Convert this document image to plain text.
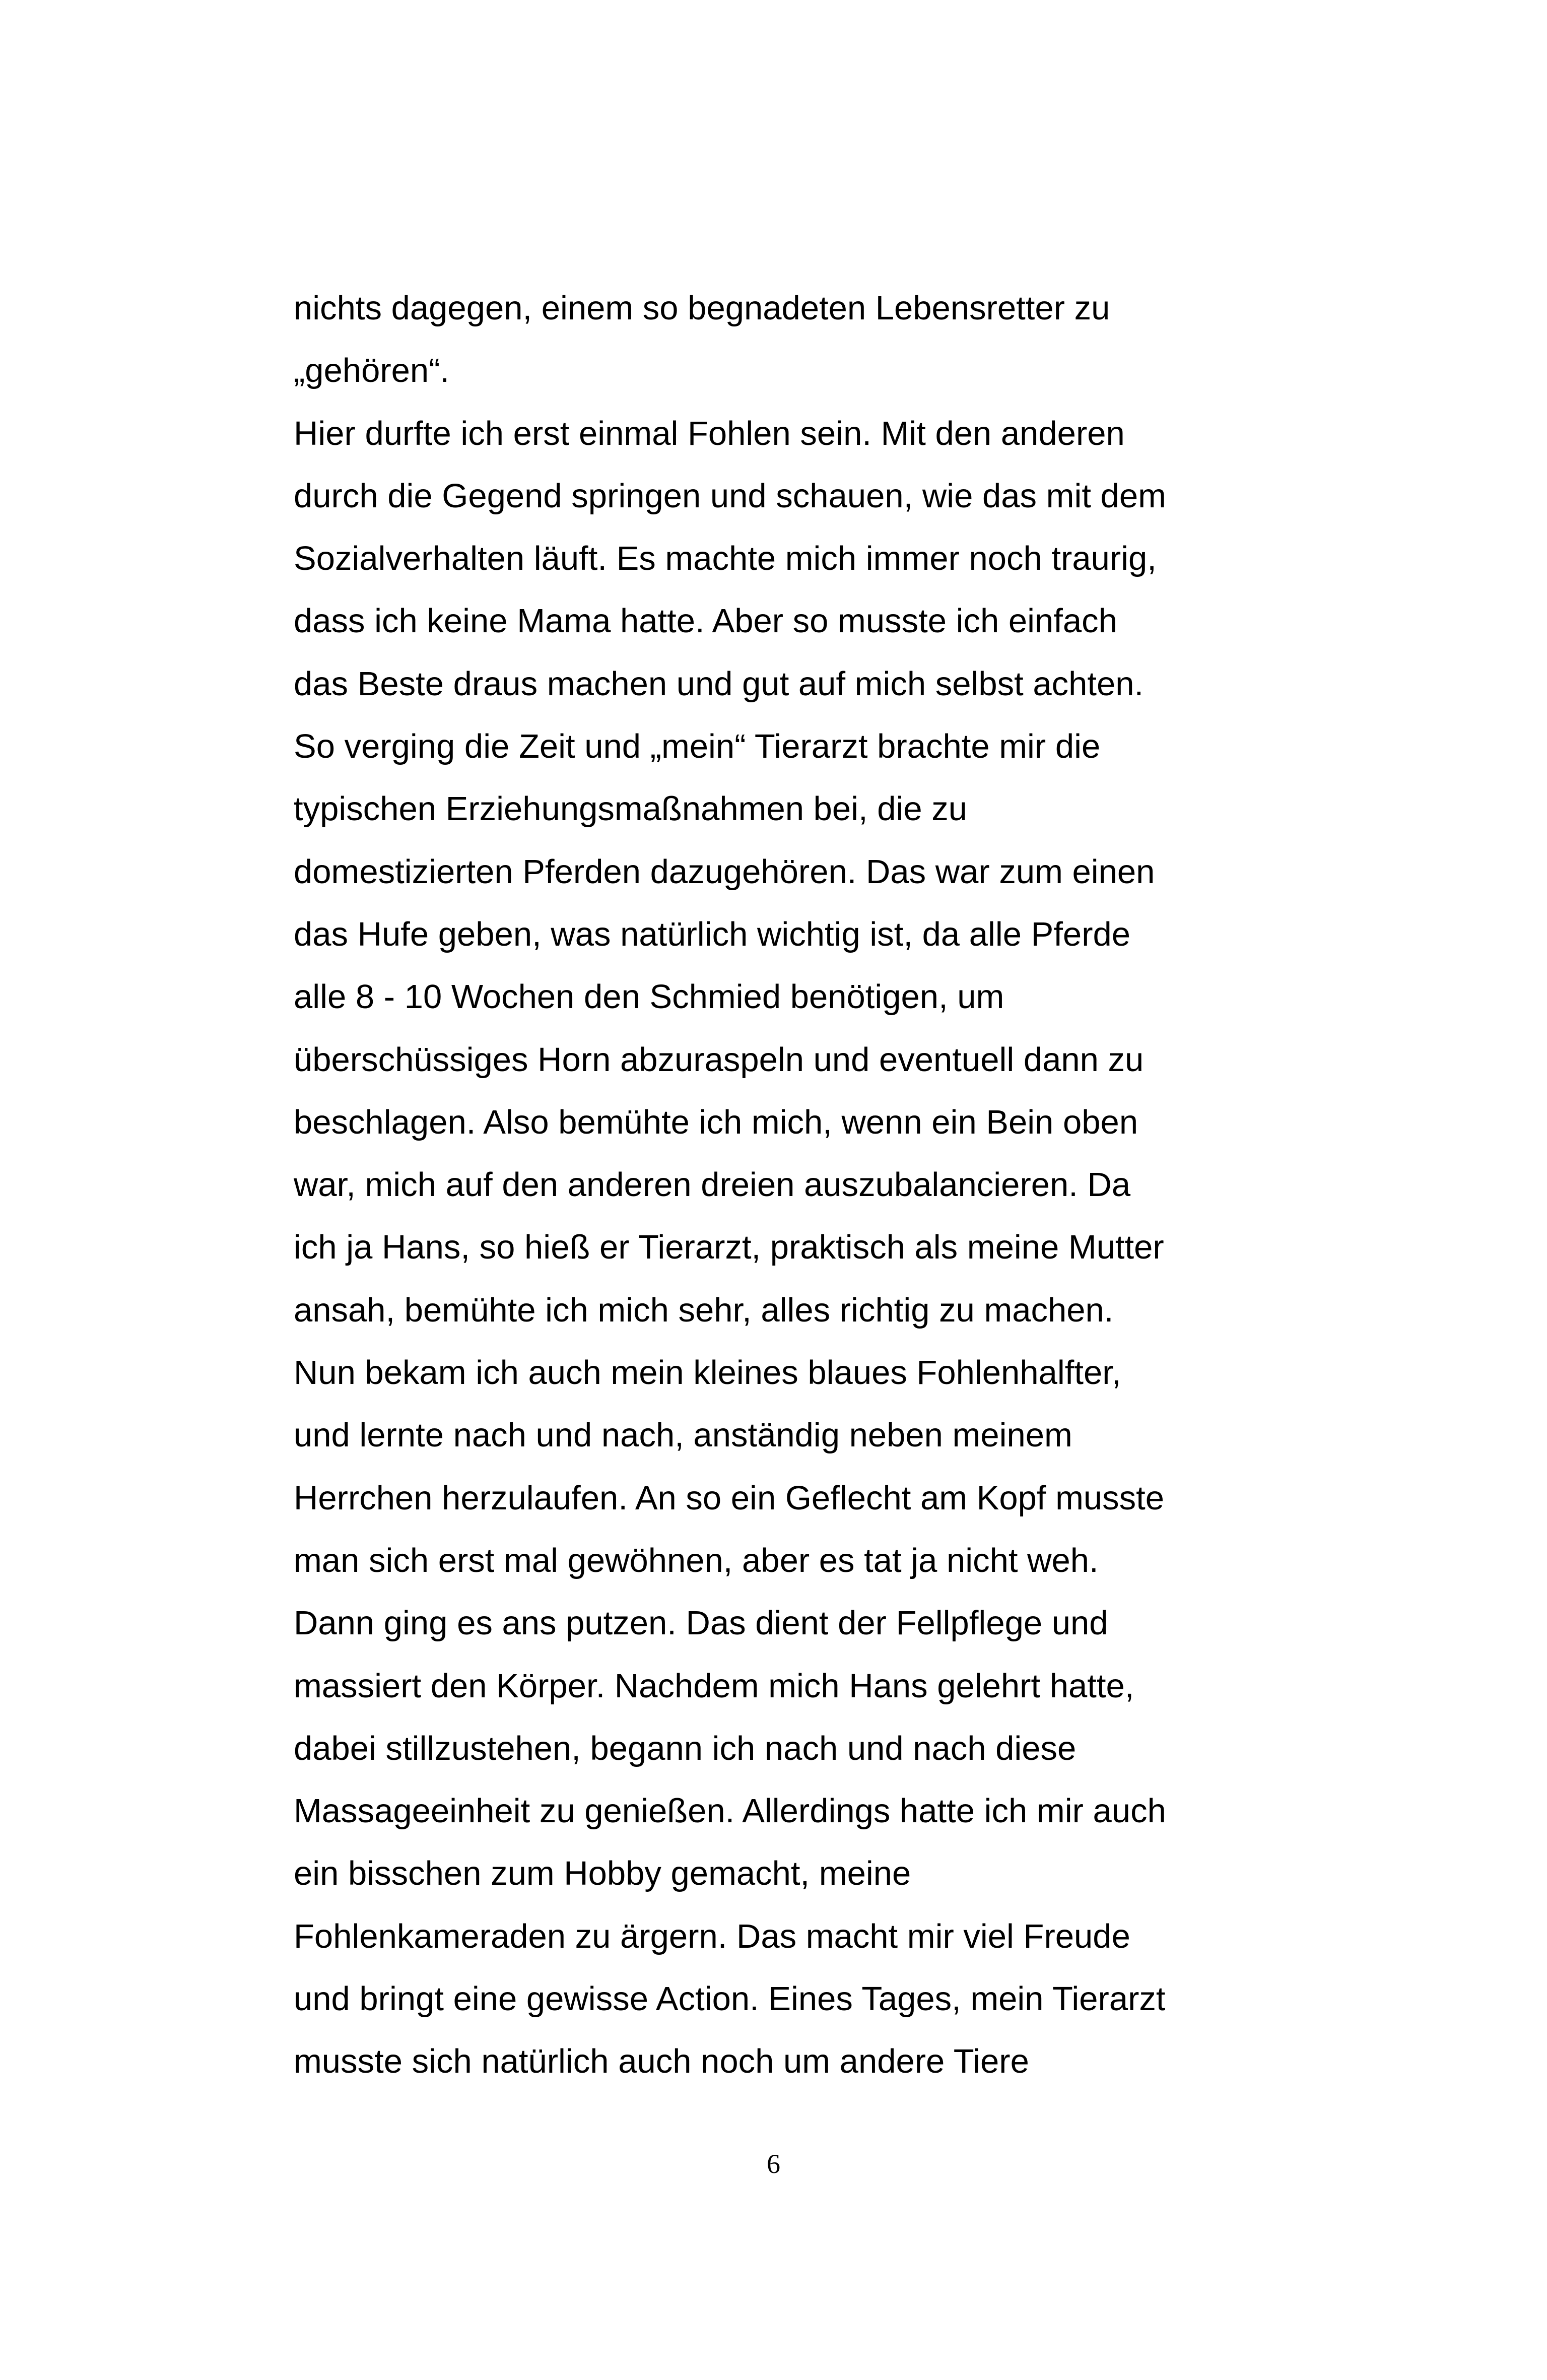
nichts dagegen, einem so begnadeten Lebensretter zu
„gehören“.
Hier durfte ich erst einmal Fohlen sein. Mit den anderen
durch die Gegend springen und schauen, wie das mit dem
Sozialverhalten läuft. Es machte mich immer noch traurig,
dass ich keine Mama hatte. Aber so musste ich einfach
das Beste draus machen und gut auf mich selbst achten.
So verging die Zeit und „mein“ Tierarzt brachte mir die
typischen Erziehungsmaßnahmen bei, die zu
domestizierten Pferden dazugehören. Das war zum einen
das Hufe geben, was natürlich wichtig ist, da alle Pferde
alle 8 - 10 Wochen den Schmied benötigen, um
überschüssiges Horn abzuraspeln und eventuell dann zu
beschlagen. Also bemühte ich mich, wenn ein Bein oben
war, mich auf den anderen dreien auszubalancieren. Da
ich ja Hans, so hieß er Tierarzt, praktisch als meine Mutter
ansah, bemühte ich mich sehr, alles richtig zu machen.
Nun bekam ich auch mein kleines blaues Fohlenhalfter,
und lernte nach und nach, anständig neben meinem
Herrchen herzulaufen. An so ein Geflecht am Kopf musste
man sich erst mal gewöhnen, aber es tat ja nicht weh.
Dann ging es ans putzen. Das dient der Fellpflege und
massiert den Körper. Nachdem mich Hans gelehrt hatte,
dabei stillzustehen, begann ich nach und nach diese
Massageeinheit zu genießen. Allerdings hatte ich mir auch
ein bisschen zum Hobby gemacht, meine
Fohlenkameraden zu ärgern. Das macht mir viel Freude
und bringt eine gewisse Action. Eines Tages, mein Tierarzt
musste sich natürlich auch noch um andere Tiere
6
